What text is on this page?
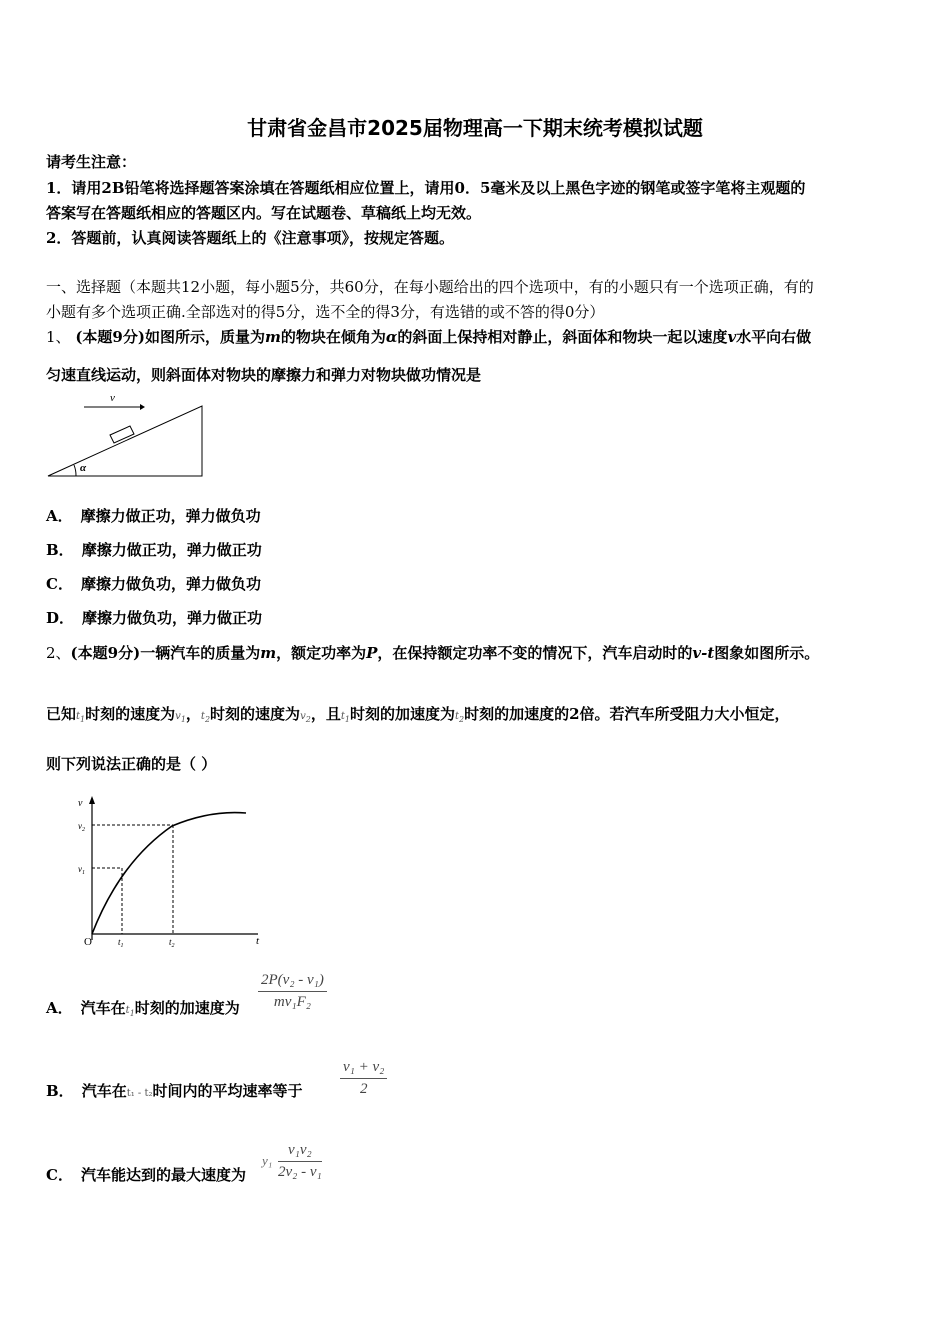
甘肃省金昌市2025届物理高一下期末统考模拟试题
请考生注意：
1．请用2B铅笔将选择题答案涂填在答题纸相应位置上，请用0．5毫米及以上黑色字迹的钢笔或签字笔将主观题的
答案写在答题纸相应的答题区内。写在试题卷、草稿纸上均无效。
2．答题前，认真阅读答题纸上的《注意事项》，按规定答题。
一、选择题（本题共12小题，每小题5分，共60分，在每小题给出的四个选项中，有的小题只有一个选项正确，有的
小题有多个选项正确.全部选对的得5分，选不全的得3分，有选错的或不答的得0分）
1、 (本题9分)如图所示，质量为m的物块在倾角为α的斜面上保持相对静止，斜面体和物块一起以速度v水平向右做
匀速直线运动，则斜面体对物块的摩擦力和弹力对物块做功情况是
v
α
A． 摩擦力做正功，弹力做负功
B． 摩擦力做正功，弹力做正功
C． 摩擦力做负功，弹力做负功
D． 摩擦力做负功，弹力做正功
2、(本题9分)一辆汽车的质量为m，额定功率为P，在保持额定功率不变的情况下，汽车启动时的v-t图象如图所示。
已知$t_1$时刻的速度为$v_1$，$t_2$时刻的速度为$v_2$，且$t_1$时刻的加速度为$t_2$时刻的加速度的2倍。若汽车所受阻力大小恒定，
则下列说法正确的是（ ）
v
t
O
$v_1$
$v_2$
$t_1$	$t_2$
A． 汽车在$t_1$时刻的加速度为 $\frac{\text{2P(v₂ - v₁)}}{\text{mv₁F₂}}$
B． 汽车在t₁ - t₂时间内的平均速率等于 $\frac{\text{v₁ + v₂}}{2}$
C． 汽车能达到的最大速度为
$y_1 \frac{\text{v₁v₂}}{\text{2v₂ - v₁}}$
